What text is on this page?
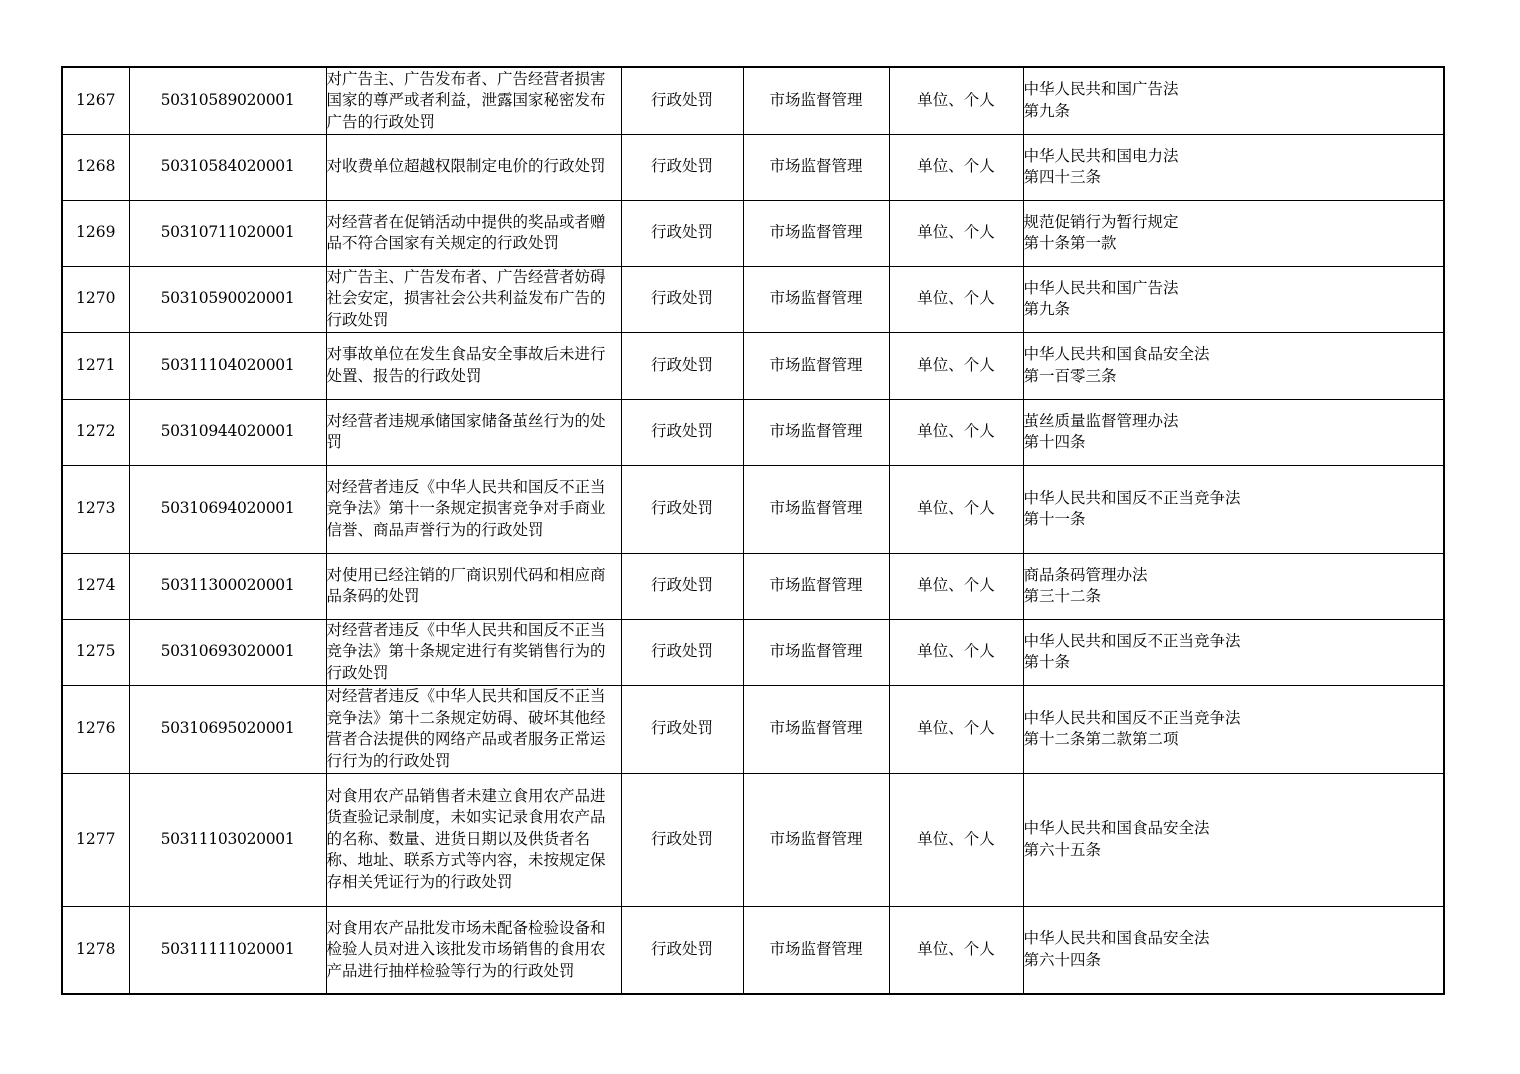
1267	50310589020001	对广告主、广告发布者、广告经营者损害国家的尊严或者利益，泄露国家秘密发布广告的行政处罚	行政处罚	市场监督管理	单位、个人	中华人民共和国广告法
第九条

1268	50310584020001	对收费单位超越权限制定电价的行政处罚	行政处罚	市场监督管理	单位、个人	中华人民共和国电力法
第四十三条

1269	50310711020001	对经营者在促销活动中提供的奖品或者赠品不符合国家有关规定的行政处罚	行政处罚	市场监督管理	单位、个人	规范促销行为暂行规定
第十条第一款

1270	50310590020001	对广告主、广告发布者、广告经营者妨碍社会安定，损害社会公共利益发布广告的行政处罚	行政处罚	市场监督管理	单位、个人	中华人民共和国广告法
第九条

1271	50311104020001	对事故单位在发生食品安全事故后未进行处置、报告的行政处罚	行政处罚	市场监督管理	单位、个人	中华人民共和国食品安全法
第一百零三条

1272	50310944020001	对经营者违规承储国家储备茧丝行为的处罚	行政处罚	市场监督管理	单位、个人	茧丝质量监督管理办法
第十四条

1273	50310694020001	对经营者违反《中华人民共和国反不正当竞争法》第十一条规定损害竞争对手商业信誉、商品声誉行为的行政处罚	行政处罚	市场监督管理	单位、个人	中华人民共和国反不正当竞争法
第十一条

1274	50311300020001	对使用已经注销的厂商识别代码和相应商品条码的处罚	行政处罚	市场监督管理	单位、个人	商品条码管理办法
第三十二条

1275	50310693020001	对经营者违反《中华人民共和国反不正当竞争法》第十条规定进行有奖销售行为的行政处罚	行政处罚	市场监督管理	单位、个人	中华人民共和国反不正当竞争法
第十条

1276	50310695020001	对经营者违反《中华人民共和国反不正当竞争法》第十二条规定妨碍、破坏其他经营者合法提供的网络产品或者服务正常运行行为的行政处罚	行政处罚	市场监督管理	单位、个人	中华人民共和国反不正当竞争法
第十二条第二款第二项

1277	50311103020001	对食用农产品销售者未建立食用农产品进货查验记录制度，未如实记录食用农产品的名称、数量、进货日期以及供货者名称、地址、联系方式等内容，未按规定保存相关凭证行为的行政处罚	行政处罚	市场监督管理	单位、个人	中华人民共和国食品安全法
第六十五条

1278	50311111020001	对食用农产品批发市场未配备检验设备和检验人员对进入该批发市场销售的食用农产品进行抽样检验等行为的行政处罚	行政处罚	市场监督管理	单位、个人	中华人民共和国食品安全法
第六十四条
